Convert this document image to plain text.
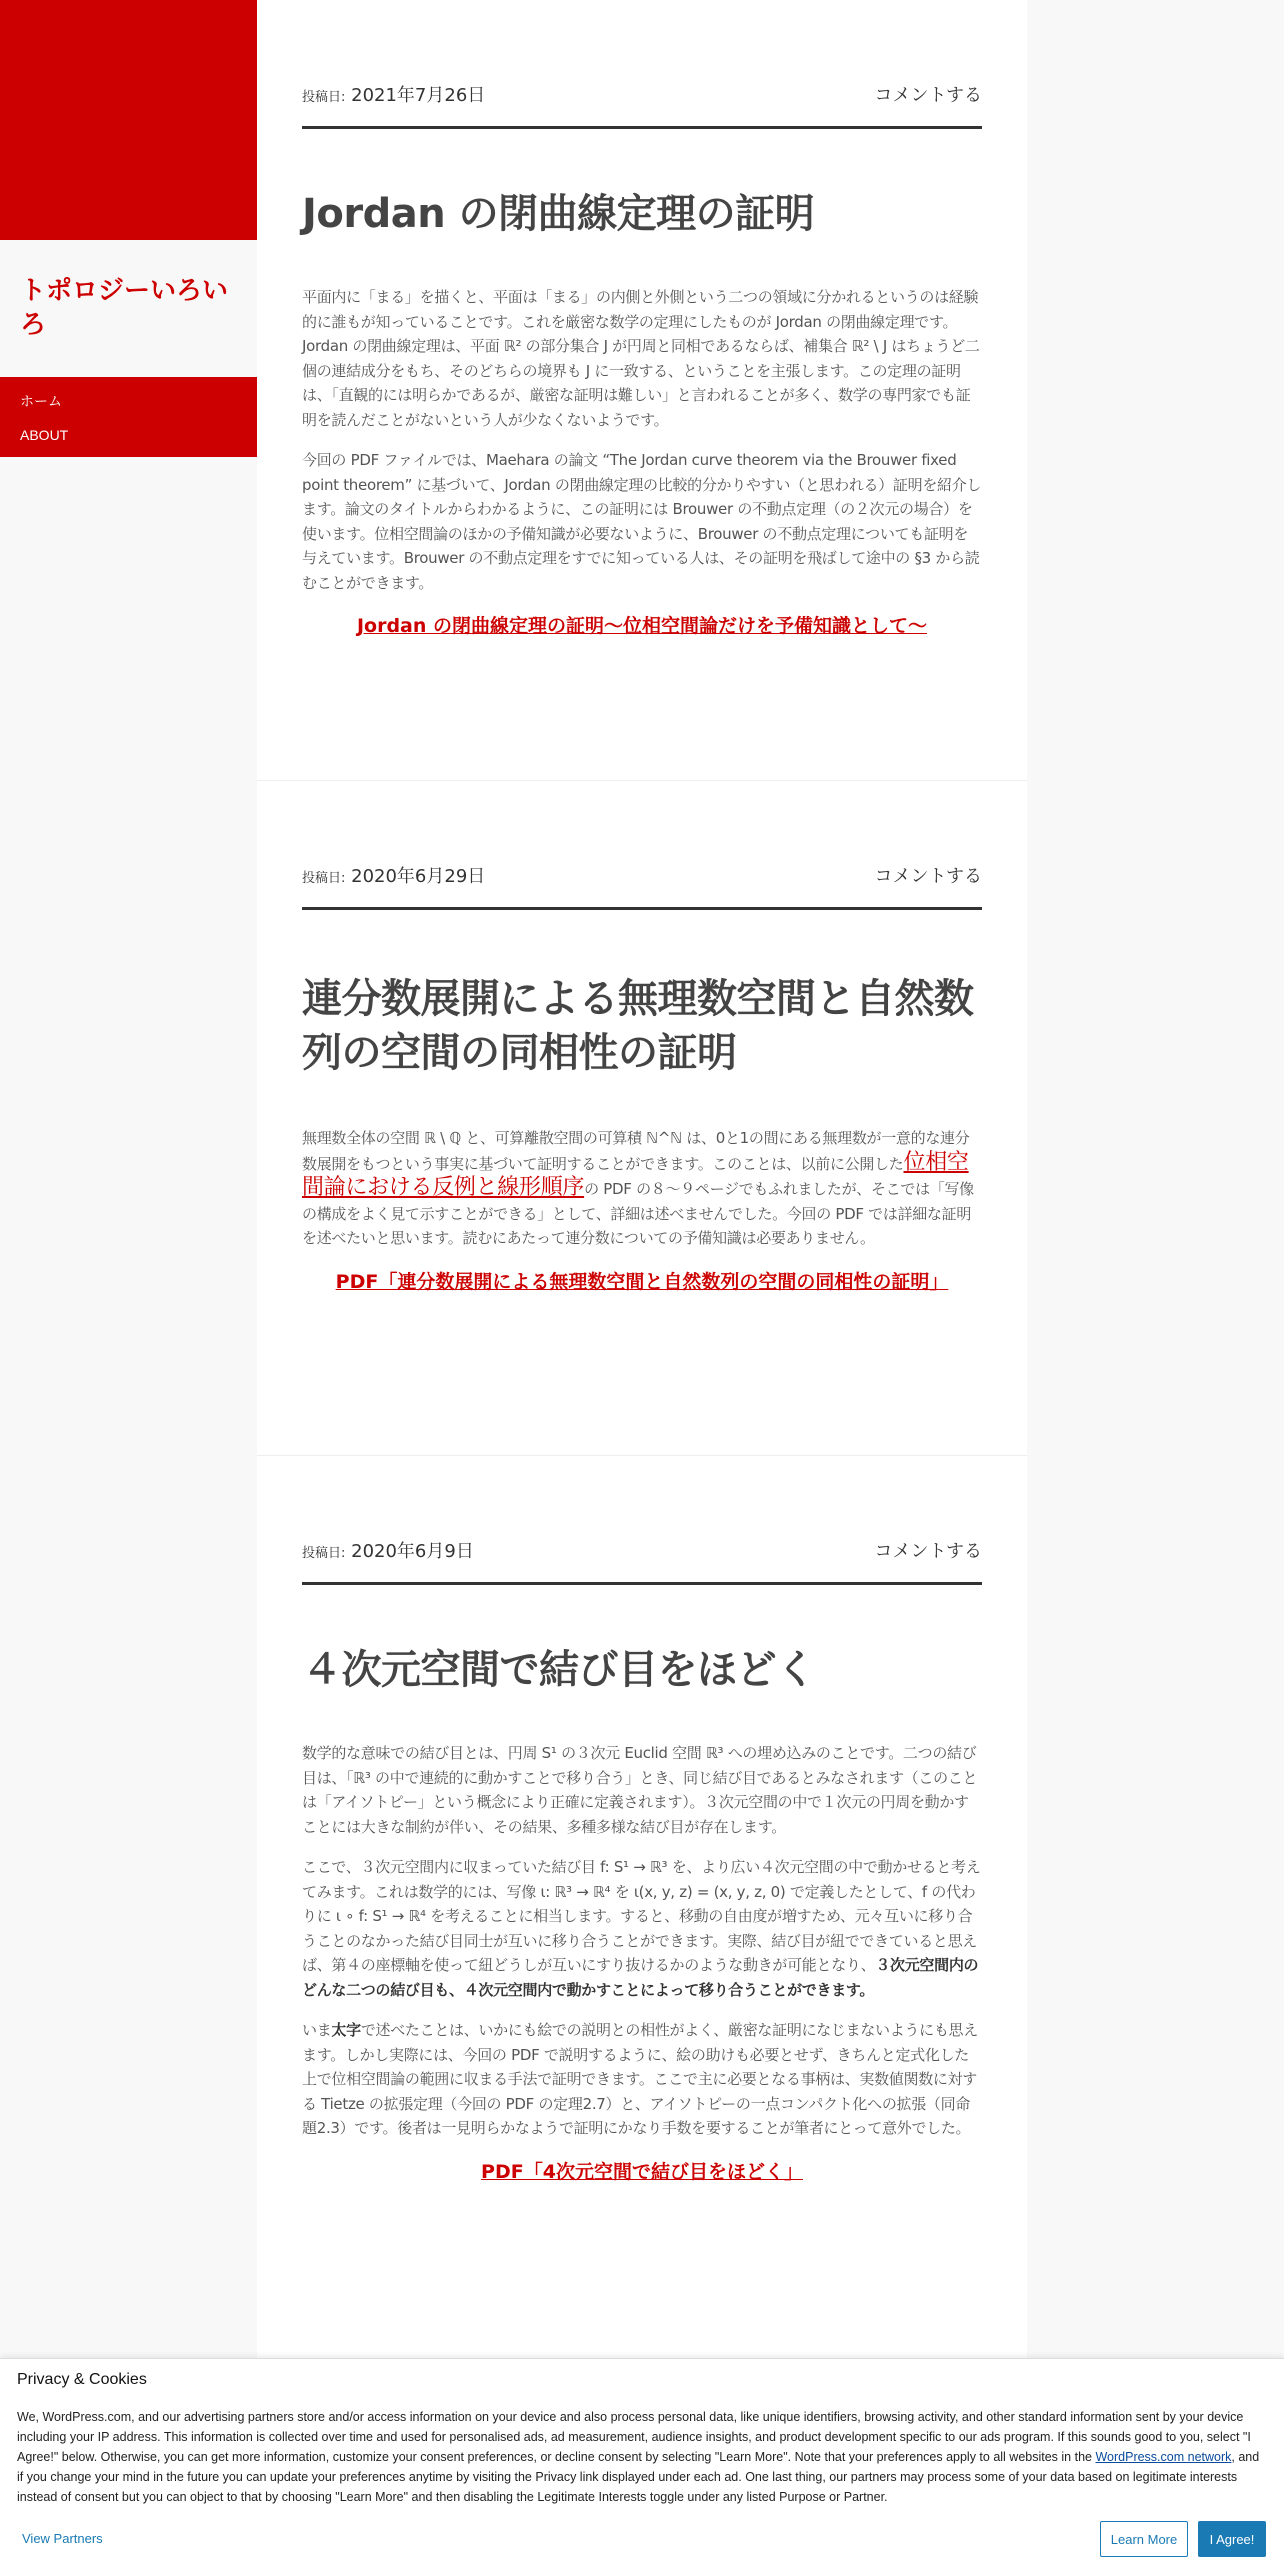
トポロジーいろいろ
ホーム
ABOUT
投稿日: 2021年7月26日	コメントする
Jordan の閉曲線定理の証明

平面内に「まる」を描くと、平面は「まる」の内側と外側という二つの領域に分かれるというのは経験的に誰もが知っていることです。これを厳密な数学の定理にしたものが Jordan の閉曲線定理です。Jordan の閉曲線定理は、平面 ℝ² の部分集合 J が円周と同相であるならば、補集合 ℝ² \ J はちょうど二個の連結成分をもち、そのどちらの境界も J に一致する、ということを主張します。この定理の証明は、「直観的には明らかであるが、厳密な証明は難しい」と言われることが多く、数学の専門家でも証明を読んだことがないという人が少なくないようです。

今回の PDF ファイルでは、Maehara の論文 “The Jordan curve theorem via the Brouwer fixed point theorem” に基づいて、Jordan の閉曲線定理の比較的分かりやすい（と思われる）証明を紹介します。論文のタイトルからわかるように、この証明には Brouwer の不動点定理（の２次元の場合）を使います。位相空間論のほかの予備知識が必要ないように、Brouwer の不動点定理についても証明を与えています。Brouwer の不動点定理をすでに知っている人は、その証明を飛ばして途中の §3 から読むことができます。

Jordan の閉曲線定理の証明～位相空間論だけを予備知識として～
投稿日: 2020年6月29日	コメントする
連分数展開による無理数空間と自然数列の空間の同相性の証明

無理数全体の空間 ℝ \ ℚ と、可算離散空間の可算積 ℕ^ℕ は、0と1の間にある無理数が一意的な連分数展開をもつという事実に基づいて証明することができます。このことは、以前に公開した位相空間論における反例と線形順序の PDF の８～９ページでもふれましたが、そこでは「写像の構成をよく見て示すことができる」として、詳細は述べませんでした。今回の PDF では詳細な証明を述べたいと思います。読むにあたって連分数についての予備知識は必要ありません。

PDF「連分数展開による無理数空間と自然数列の空間の同相性の証明」
投稿日: 2020年6月9日	コメントする
４次元空間で結び目をほどく

数学的な意味での結び目とは、円周 S¹ の３次元 Euclid 空間 ℝ³ への埋め込みのことです。二つの結び目は、「ℝ³ の中で連続的に動かすことで移り合う」とき、同じ結び目であるとみなされます（このことは「アイソトピー」という概念により正確に定義されます）。３次元空間の中で１次元の円周を動かすことには大きな制約が伴い、その結果、多種多様な結び目が存在します。

ここで、３次元空間内に収まっていた結び目 f: S¹ → ℝ³ を、より広い４次元空間の中で動かせると考えてみます。これは数学的には、写像 ι: ℝ³ → ℝ⁴ を ι(x, y, z) = (x, y, z, 0) で定義したとして、f の代わりに ι ∘ f: S¹ → ℝ⁴ を考えることに相当します。すると、移動の自由度が増すため、元々互いに移り合うことのなかった結び目同士が互いに移り合うことができます。実際、結び目が紐でできていると思えば、第４の座標軸を使って紐どうしが互いにすり抜けるかのような動きが可能となり、３次元空間内のどんな二つの結び目も、４次元空間内で動かすことによって移り合うことができます。

いま太字で述べたことは、いかにも絵での説明との相性がよく、厳密な証明になじまないようにも思えます。しかし実際には、今回の PDF で説明するように、絵の助けも必要とせず、きちんと定式化した上で位相空間論の範囲に収まる手法で証明できます。ここで主に必要となる事柄は、実数値関数に対する Tietze の拡張定理（今回の PDF の定理2.7）と、アイソトピーの一点コンパクト化への拡張（同命題2.3）です。後者は一見明らかなようで証明にかなり手数を要することが筆者にとって意外でした。

PDF「4次元空間で結び目をほどく」
Privacy & Cookies
We, WordPress.com, and our advertising partners store and/or access information on your device and also process personal data, like unique identifiers, browsing activity, and other standard information sent by your device including your IP address. This information is collected over time and used for personalised ads, ad measurement, audience insights, and product development specific to our ads program. If this sounds good to you, select "I Agree!" below. Otherwise, you can get more information, customize your consent preferences, or decline consent by selecting "Learn More". Note that your preferences apply to all websites in the WordPress.com network, and if you change your mind in the future you can update your preferences anytime by visiting the Privacy link displayed under each ad. One last thing, our partners may process some of your data based on legitimate interests instead of consent but you can object to that by choosing "Learn More" and then disabling the Legitimate Interests toggle under any listed Purpose or Partner.
View Partners	Learn More	I Agree!
